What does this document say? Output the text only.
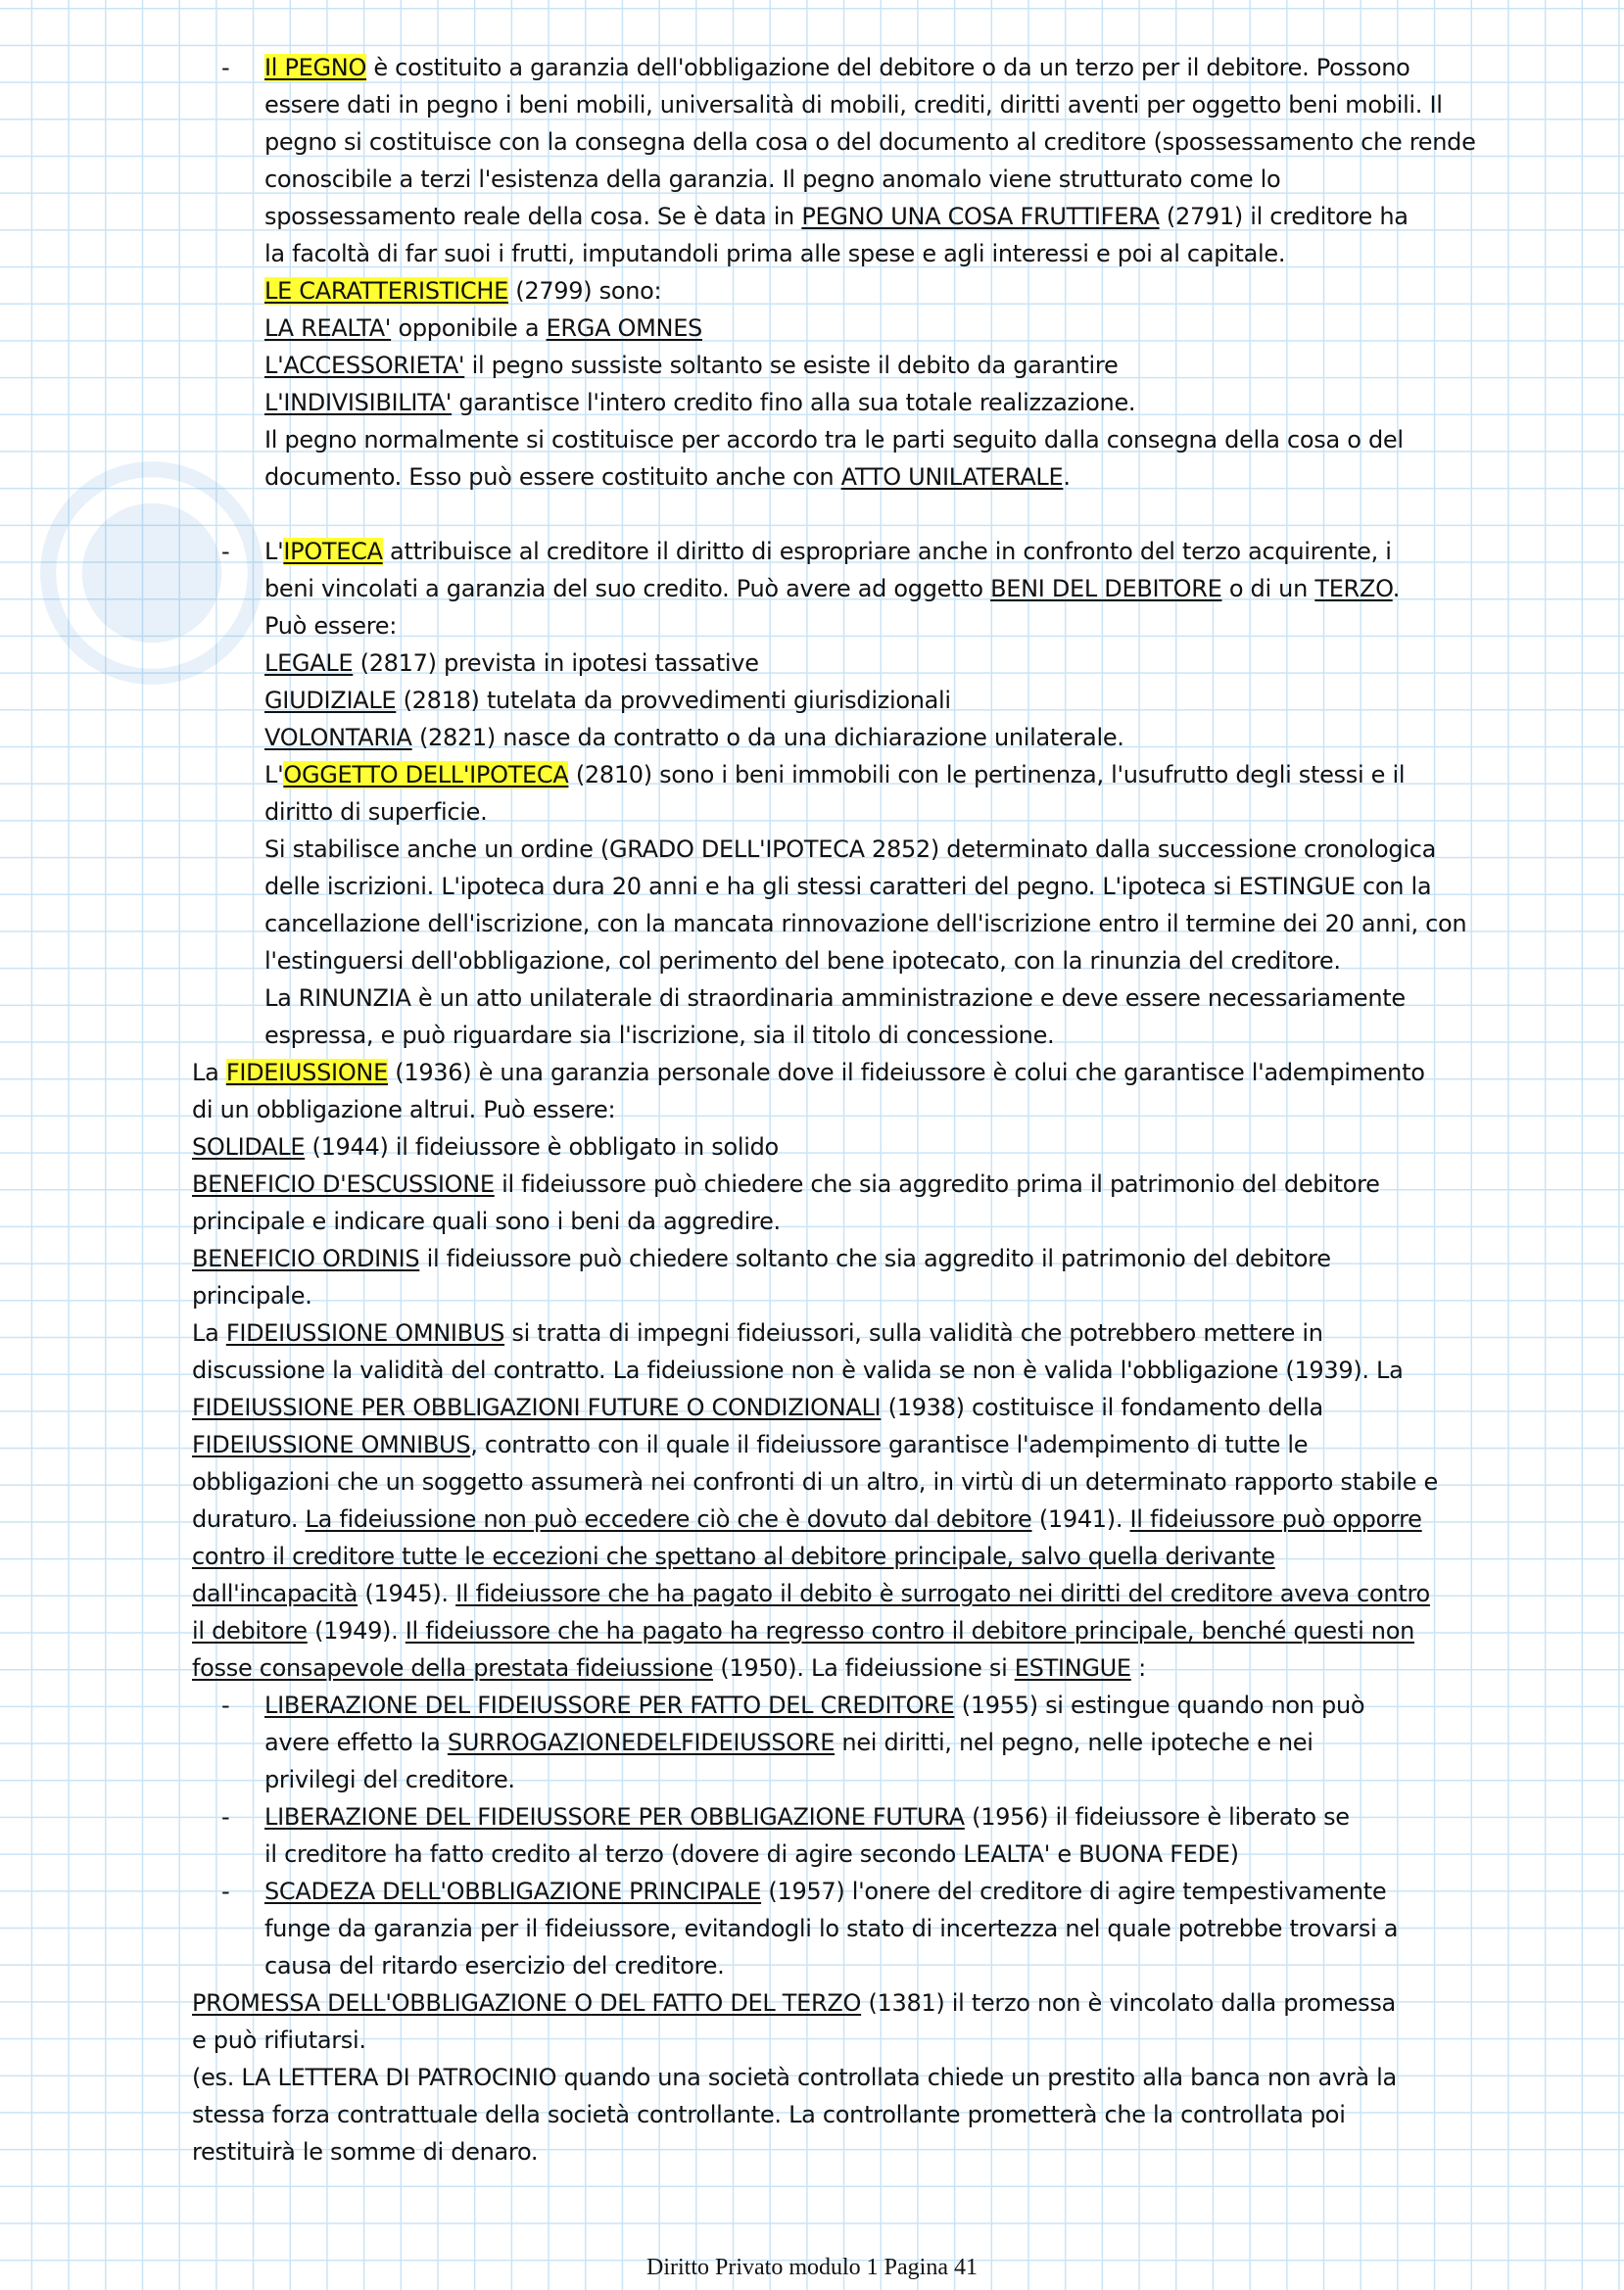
- Il PEGNO è costituito a garanzia dell'obbligazione del debitore o da un terzo per il debitore. Possono
essere dati in pegno i beni mobili, universalità di mobili, crediti, diritti aventi per oggetto beni mobili. Il
pegno si costituisce con la consegna della cosa o del documento al creditore (spossessamento che rende
conoscibile a terzi l'esistenza della garanzia. Il pegno anomalo viene strutturato come lo
spossessamento reale della cosa. Se è data in PEGNO UNA COSA FRUTTIFERA (2791) il creditore ha
la facoltà di far suoi i frutti, imputandoli prima alle spese e agli interessi e poi al capitale.
LE CARATTERISTICHE (2799) sono:
LA REALTA' opponibile a ERGA OMNES
L'ACCESSORIETA' il pegno sussiste soltanto se esiste il debito da garantire
L'INDIVISIBILITA' garantisce l'intero credito fino alla sua totale realizzazione.
Il pegno normalmente si costituisce per accordo tra le parti seguito dalla consegna della cosa o del
documento. Esso può essere costituito anche con ATTO UNILATERALE.
- L'IPOTECA attribuisce al creditore il diritto di espropriare anche in confronto del terzo acquirente, i
beni vincolati a garanzia del suo credito. Può avere ad oggetto BENI DEL DEBITORE o di un TERZO.
Può essere:
LEGALE (2817) prevista in ipotesi tassative
GIUDIZIALE (2818) tutelata da provvedimenti giurisdizionali
VOLONTARIA (2821) nasce da contratto o da una dichiarazione unilaterale.
L'OGGETTO DELL'IPOTECA (2810) sono i beni immobili con le pertinenza, l'usufrutto degli stessi e il
diritto di superficie.
Si stabilisce anche un ordine (GRADO DELL'IPOTECA 2852) determinato dalla successione cronologica
delle iscrizioni. L'ipoteca dura 20 anni e ha gli stessi caratteri del pegno. L'ipoteca si ESTINGUE con la
cancellazione dell'iscrizione, con la mancata rinnovazione dell'iscrizione entro il termine dei 20 anni, con
l'estinguersi dell'obbligazione, col perimento del bene ipotecato, con la rinunzia del creditore.
La RINUNZIA è un atto unilaterale di straordinaria amministrazione e deve essere necessariamente
espressa, e può riguardare sia l'iscrizione, sia il titolo di concessione.
La FIDEIUSSIONE (1936) è una garanzia personale dove il fideiussore è colui che garantisce l'adempimento
di un obbligazione altrui. Può essere:
SOLIDALE (1944) il fideiussore è obbligato in solido
BENEFICIO D'ESCUSSIONE il fideiussore può chiedere che sia aggredito prima il patrimonio del debitore
principale e indicare quali sono i beni da aggredire.
BENEFICIO ORDINIS il fideiussore può chiedere soltanto che sia aggredito il patrimonio del debitore
principale.
La FIDEIUSSIONE OMNIBUS si tratta di impegni fideiussori, sulla validità che potrebbero mettere in
discussione la validità del contratto. La fideiussione non è valida se non è valida l'obbligazione (1939). La
FIDEIUSSIONE PER OBBLIGAZIONI FUTURE O CONDIZIONALI (1938) costituisce il fondamento della
FIDEIUSSIONE OMNIBUS, contratto con il quale il fideiussore garantisce l'adempimento di tutte le
obbligazioni che un soggetto assumerà nei confronti di un altro, in virtù di un determinato rapporto stabile e
duraturo. La fideiussione non può eccedere ciò che è dovuto dal debitore (1941). Il fideiussore può opporre
contro il creditore tutte le eccezioni che spettano al debitore principale, salvo quella derivante
dall'incapacità (1945). Il fideiussore che ha pagato il debito è surrogato nei diritti del creditore aveva contro
il debitore (1949). Il fideiussore che ha pagato ha regresso contro il debitore principale, benché questi non
fosse consapevole della prestata fideiussione (1950). La fideiussione si ESTINGUE :
- LIBERAZIONE DEL FIDEIUSSORE PER FATTO DEL CREDITORE (1955) si estingue quando non può
avere effetto la SURROGAZIONEDELFIDEIUSSORE nei diritti, nel pegno, nelle ipoteche e nei
privilegi del creditore.
- LIBERAZIONE DEL FIDEIUSSORE PER OBBLIGAZIONE FUTURA (1956) il fideiussore è liberato se
il creditore ha fatto credito al terzo (dovere di agire secondo LEALTA' e BUONA FEDE)
- SCADEZA DELL'OBBLIGAZIONE PRINCIPALE (1957) l'onere del creditore di agire tempestivamente
funge da garanzia per il fideiussore, evitandogli lo stato di incertezza nel quale potrebbe trovarsi a
causa del ritardo esercizio del creditore.
PROMESSA DELL'OBBLIGAZIONE O DEL FATTO DEL TERZO (1381) il terzo non è vincolato dalla promessa
e può rifiutarsi.
(es. LA LETTERA DI PATROCINIO quando una società controllata chiede un prestito alla banca non avrà la
stessa forza contrattuale della società controllante. La controllante prometterà che la controllata poi
restituirà le somme di denaro.
Diritto Privato modulo 1 Pagina 41
